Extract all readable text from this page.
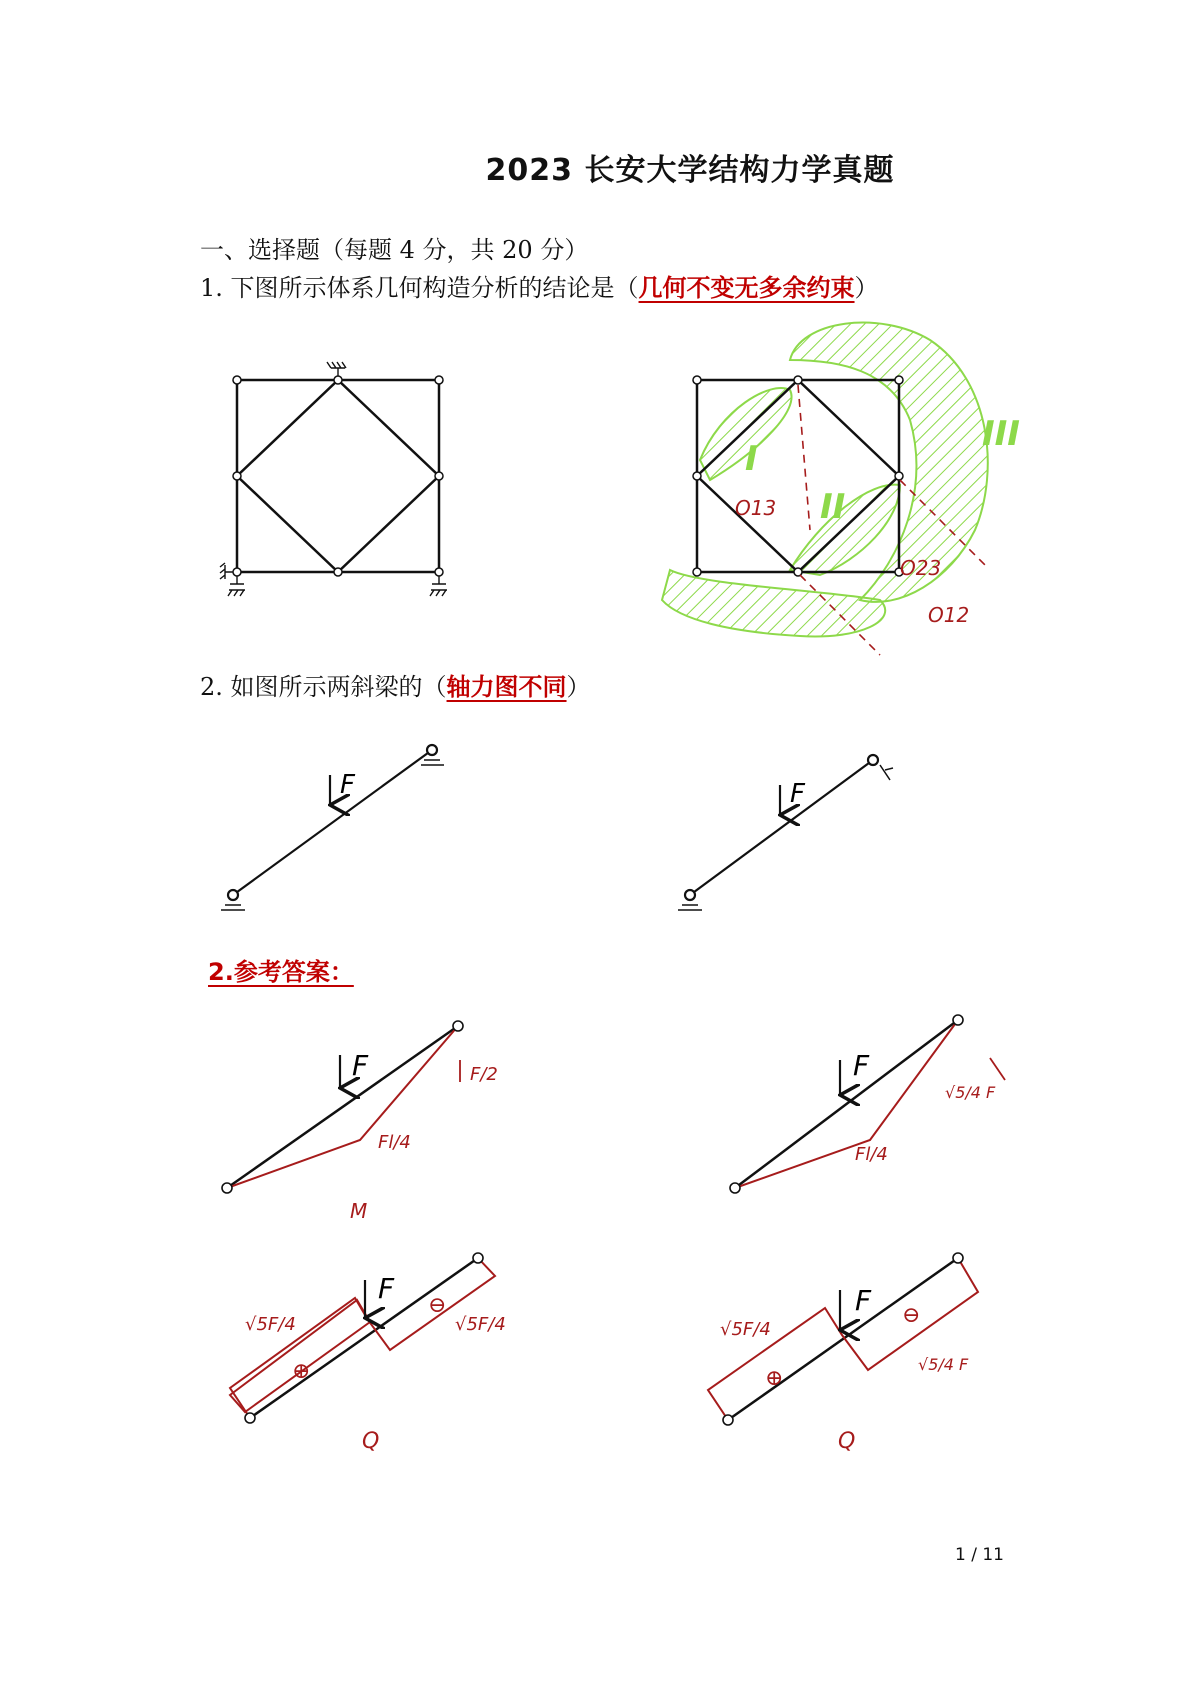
2023 长安大学结构力学真题
一、选择题（每题 4 分，共 20 分）
1. 下图所示体系几何构造分析的结论是（几何不变无多余约束）
2. 如图所示两斜梁的（轴力图不同）
2.参考答案：
I
II
III
O13
O23
O12
F	F
F	F/2
Fl/4
M
F
√5/4 F
Fl/4
F
√5F/4	√5F/4
⊕
⊖
Q
F
√5F/4
√5/4 F
⊕
⊖
Q
1 / 11
